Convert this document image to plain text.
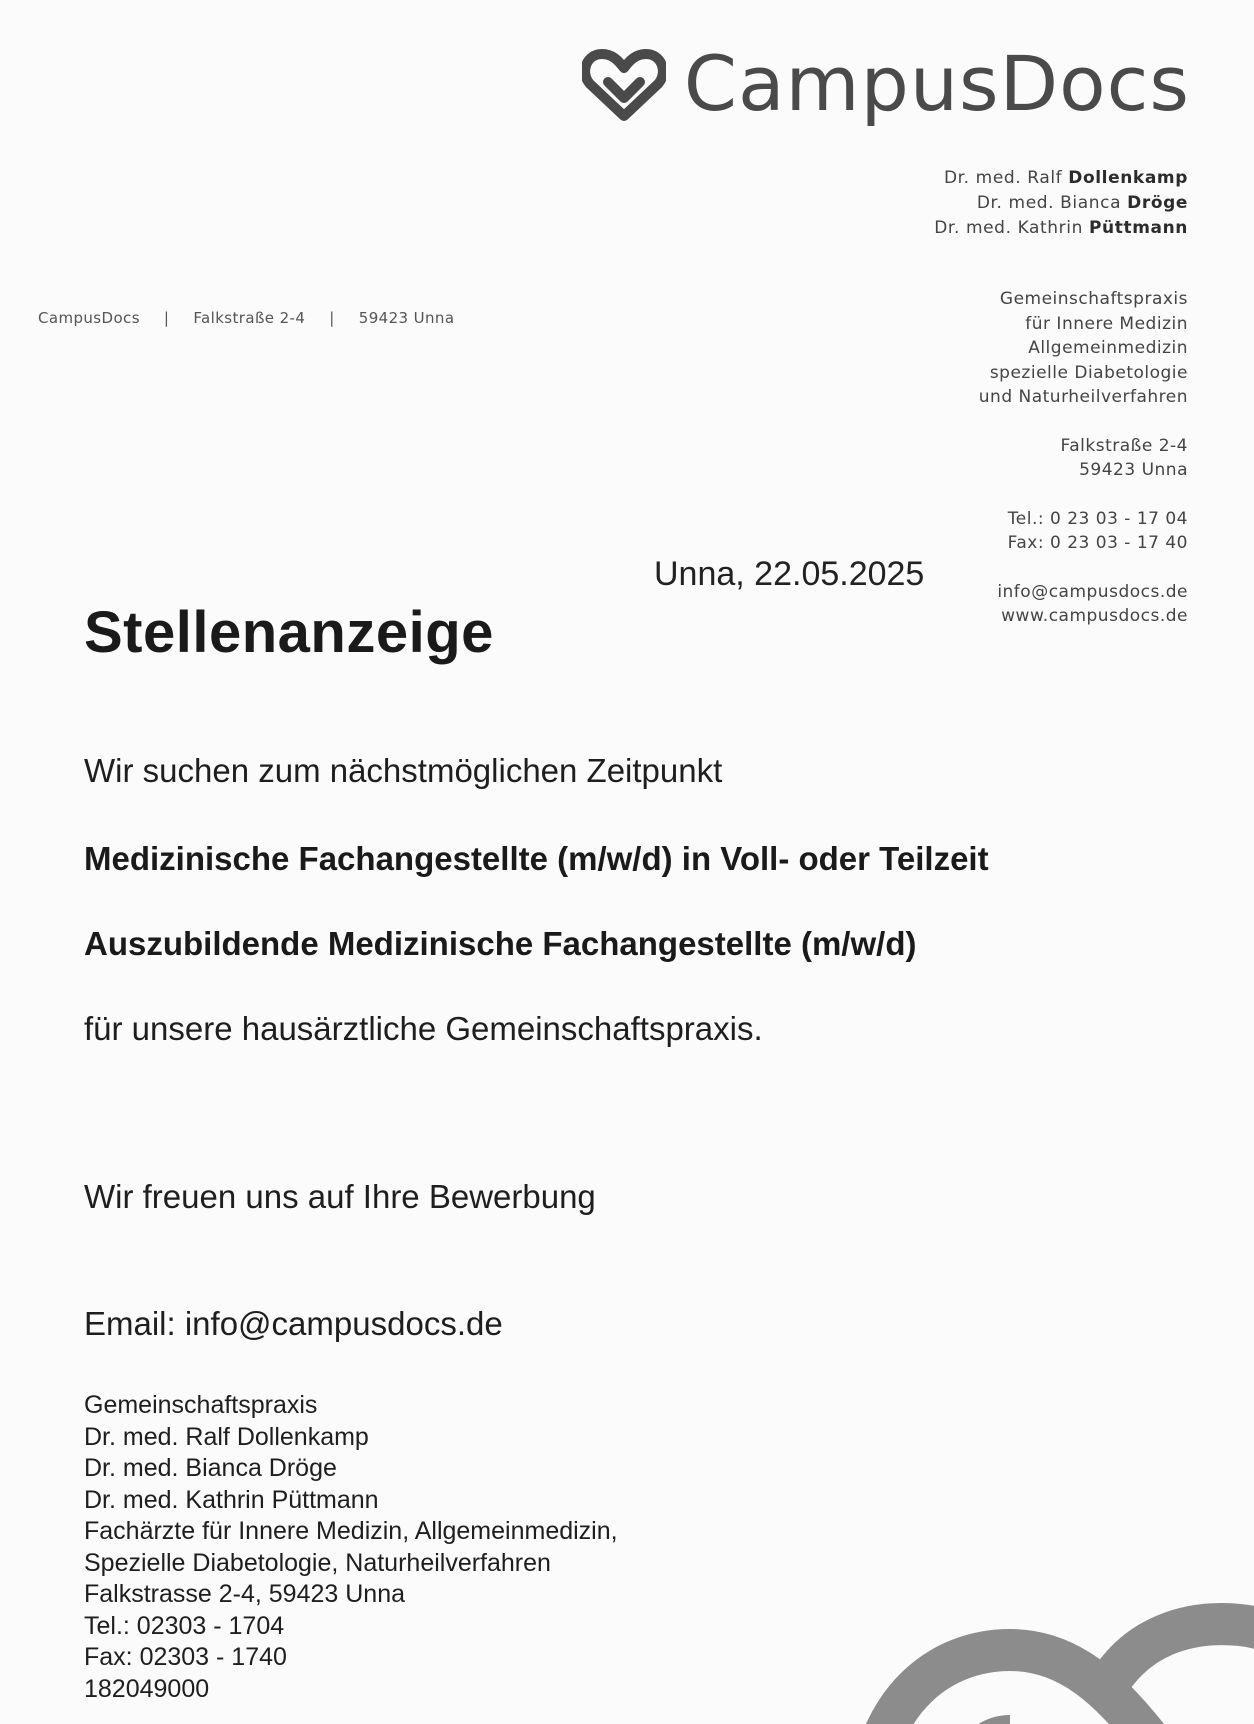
CampusDocs
Dr. med. Ralf Dollenkamp
Dr. med. Bianca Dröge
Dr. med. Kathrin Püttmann
CampusDocs | Falkstraße 2-4 | 59423 Unna
Gemeinschaftspraxis
für Innere Medizin
Allgemeinmedizin
spezielle Diabetologie
und Naturheilverfahren
Falkstraße 2-4
59423 Unna
Tel.: 0 23 03 - 17 04
Fax: 0 23 03 - 17 40
info@campusdocs.de
www.campusdocs.de
Unna, 22.05.2025
Stellenanzeige
Wir suchen zum nächstmöglichen Zeitpunkt
Medizinische Fachangestellte (m/w/d) in Voll- oder Teilzeit
Auszubildende Medizinische Fachangestellte (m/w/d)
für unsere hausärztliche Gemeinschaftspraxis.
Wir freuen uns auf Ihre Bewerbung
Email: info@campusdocs.de
Gemeinschaftspraxis
Dr. med. Ralf Dollenkamp
Dr. med. Bianca Dröge
Dr. med. Kathrin Püttmann
Fachärzte für Innere Medizin, Allgemeinmedizin,
Spezielle Diabetologie, Naturheilverfahren
Falkstrasse 2-4, 59423 Unna
Tel.: 02303 - 1704
Fax: 02303 - 1740
182049000
